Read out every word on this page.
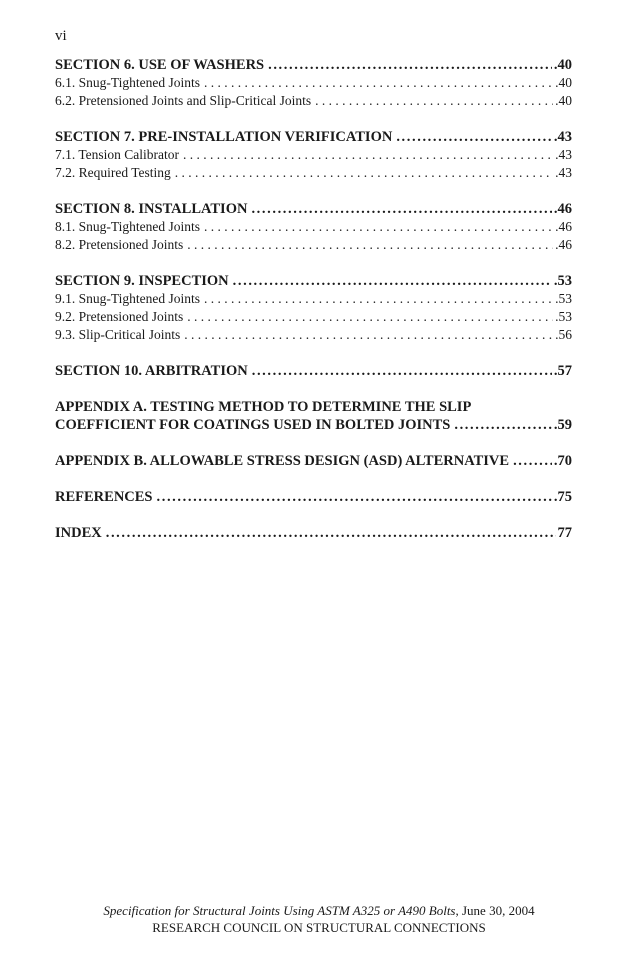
vi
SECTION 6. USE OF WASHERS .....	.40
6.1. Snug-Tightened Joints . . .	.40
6.2. Pretensioned Joints and Slip-Critical Joints . . .	.40
SECTION 7. PRE-INSTALLATION VERIFICATION .....	.43
7.1. Tension Calibrator . . .	.43
7.2. Required Testing . . .	.43
SECTION 8. INSTALLATION .....	.46
8.1. Snug-Tightened Joints . . .	.46
8.2. Pretensioned Joints . . .	.46
SECTION 9. INSPECTION .....	.53
9.1. Snug-Tightened Joints . . .	.53
9.2. Pretensioned Joints . . .	.53
9.3. Slip-Critical Joints . . .	.56
SECTION 10. ARBITRATION .....	.57
APPENDIX A. TESTING METHOD TO DETERMINE THE SLIP
COEFFICIENT FOR COATINGS USED IN BOLTED JOINTS .....	.59
APPENDIX B. ALLOWABLE STRESS DESIGN (ASD) ALTERNATIVE .....	.70
REFERENCES .....	.75
INDEX .....	77
Specification for Structural Joints Using ASTM A325 or A490 Bolts, June 30, 2004
RESEARCH COUNCIL ON STRUCTURAL CONNECTIONS
